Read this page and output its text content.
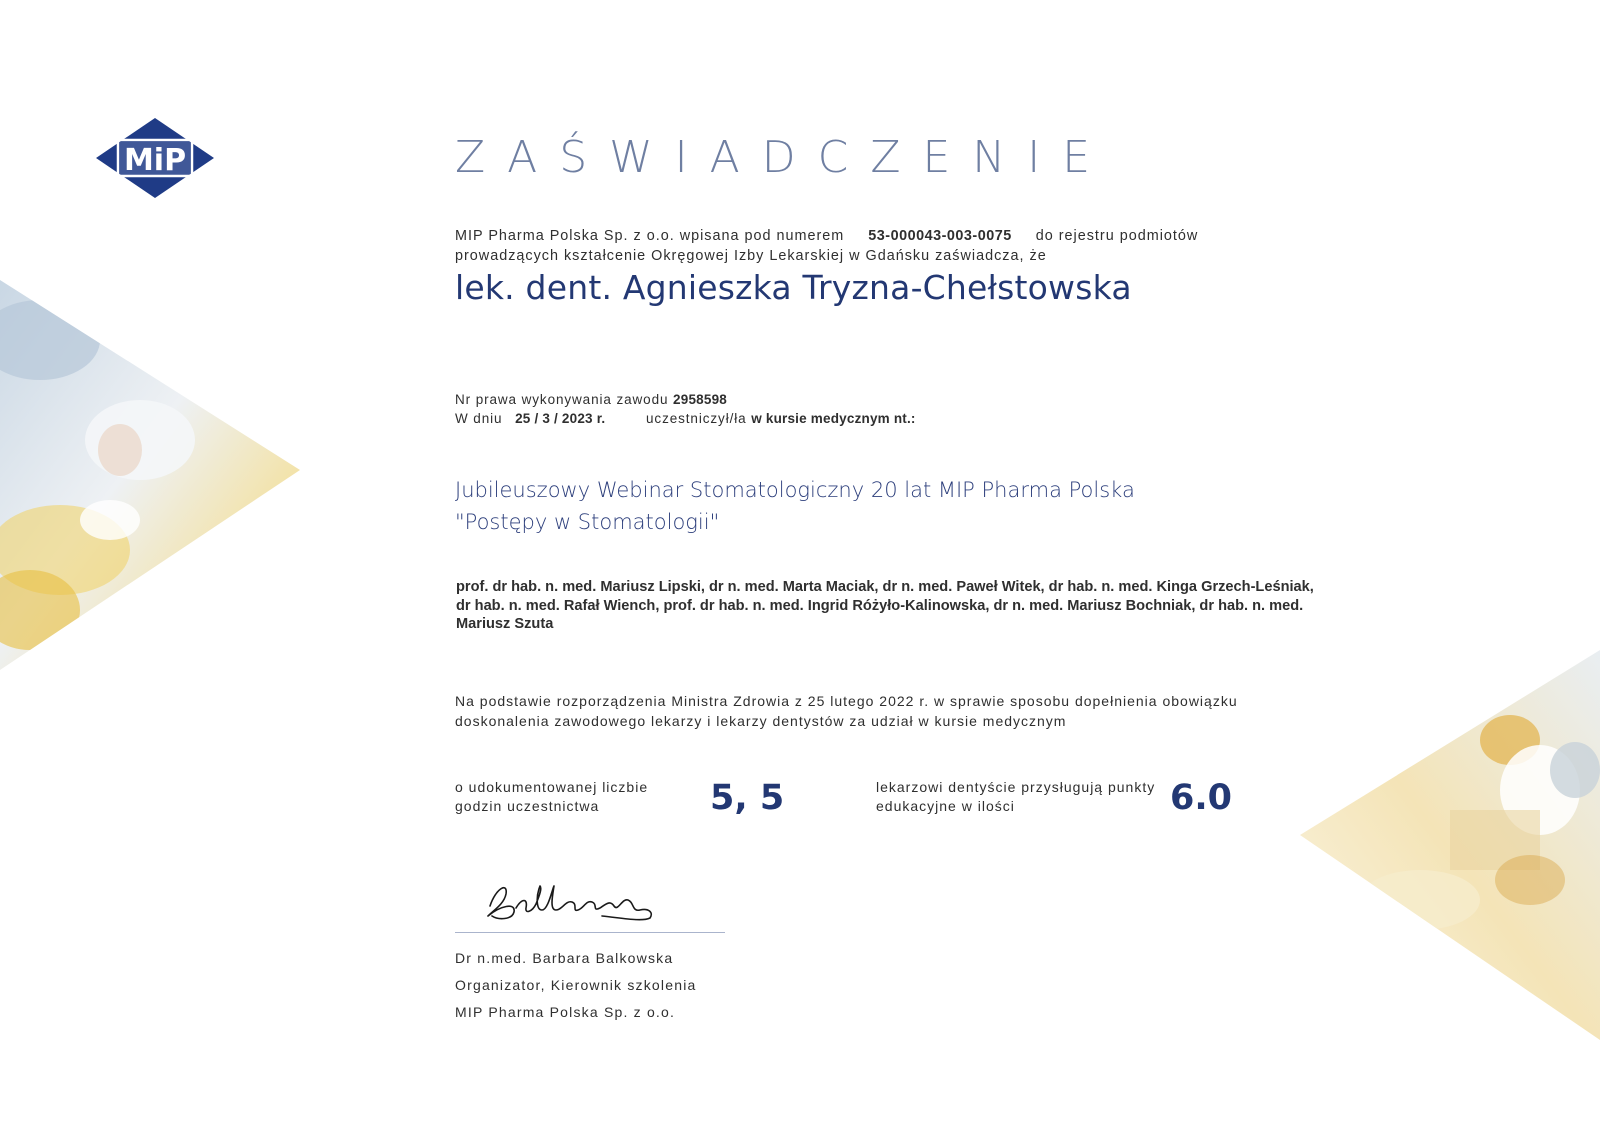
MiP	ZAŚWIADCZENIE
MIP Pharma Polska Sp. z o.o. wpisana pod numerem 53-000043-003-0075 do rejestru podmiotów prowadzących kształcenie Okręgowej Izby Lekarskiej w Gdańsku zaświadcza, że
lek. dent. Agnieszka Tryzna-Chełstowska
Nr prawa wykonywania zawodu 2958598
W dniu 25 / 3 / 2023 r.	uczestniczył/ła w kursie medycznym nt.:
Jubileuszowy Webinar Stomatologiczny 20 lat MIP Pharma Polska
"Postępy w Stomatologii"
prof. dr hab. n. med. Mariusz Lipski, dr n. med. Marta Maciak, dr n. med. Paweł Witek, dr hab. n. med. Kinga Grzech-Leśniak, dr hab. n. med. Rafał Wiench, prof. dr hab. n. med. Ingrid Różyło-Kalinowska, dr n. med. Mariusz Bochniak, dr hab. n. med. Mariusz Szuta
Na podstawie rozporządzenia Ministra Zdrowia z 25 lutego 2022 r. w sprawie sposobu dopełnienia obowiązku doskonalenia zawodowego lekarzy i lekarzy dentystów za udział w kursie medycznym
o udokumentowanej liczbie godzin uczestnictwa	5, 5	lekarzowi dentyście przysługują punkty edukacyjne w ilości	6.0
Dr n.med. Barbara Balkowska
Organizator, Kierownik szkolenia
MIP Pharma Polska Sp. z o.o.
